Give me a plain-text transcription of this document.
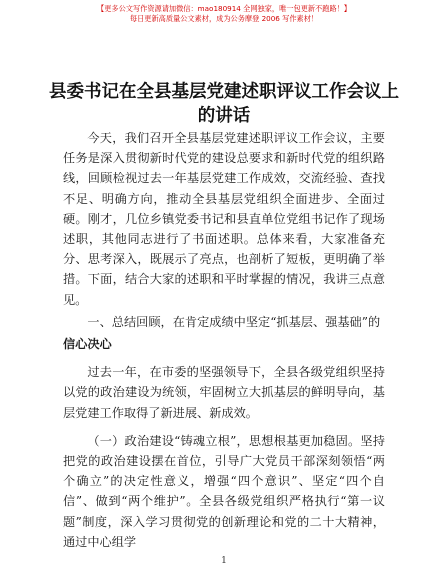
【更多公文写作资源请加微信：mao180914 全网独家，唯一包更新不跑路！】
每日更新高质量公文素材，成为公务摩登 2006 写作素材！
县委书记在全县基层党建述职评议工作会议上
的讲话

今天，我们召开全县基层党建述职评议工作会议，主要任务是深入贯彻新时代党的建设总要求和新时代党的组织路线，回顾检视过去一年基层党建工作成效，交流经验、查找不足、明确方向，推动全县基层党组织全面进步、全面过硬。刚才，几位乡镇党委书记和县直单位党组书记作了现场述职，其他同志进行了书面述职。总体来看，大家准备充分、思考深入，既展示了亮点，也剖析了短板，更明确了举措。下面，结合大家的述职和平时掌握的情况，我讲三点意见。

一、总结回顾，在肯定成绩中坚定“抓基层、强基础”的

信心决心

过去一年，在市委的坚强领导下，全县各级党组织坚持以党的政治建设为统领，牢固树立大抓基层的鲜明导向，基层党建工作取得了新进展、新成效。

（一）政治建设“铸魂立根”，思想根基更加稳固。坚持把党的政治建设摆在首位，引导广大党员干部深刻领悟“两个确立”的决定性意义，增强“四个意识”、坚定“四个自信”、做到“两个维护”。全县各级党组织严格执行“第一议题”制度，深入学习贯彻党的创新理论和党的二十大精神，通过中心组学

1
